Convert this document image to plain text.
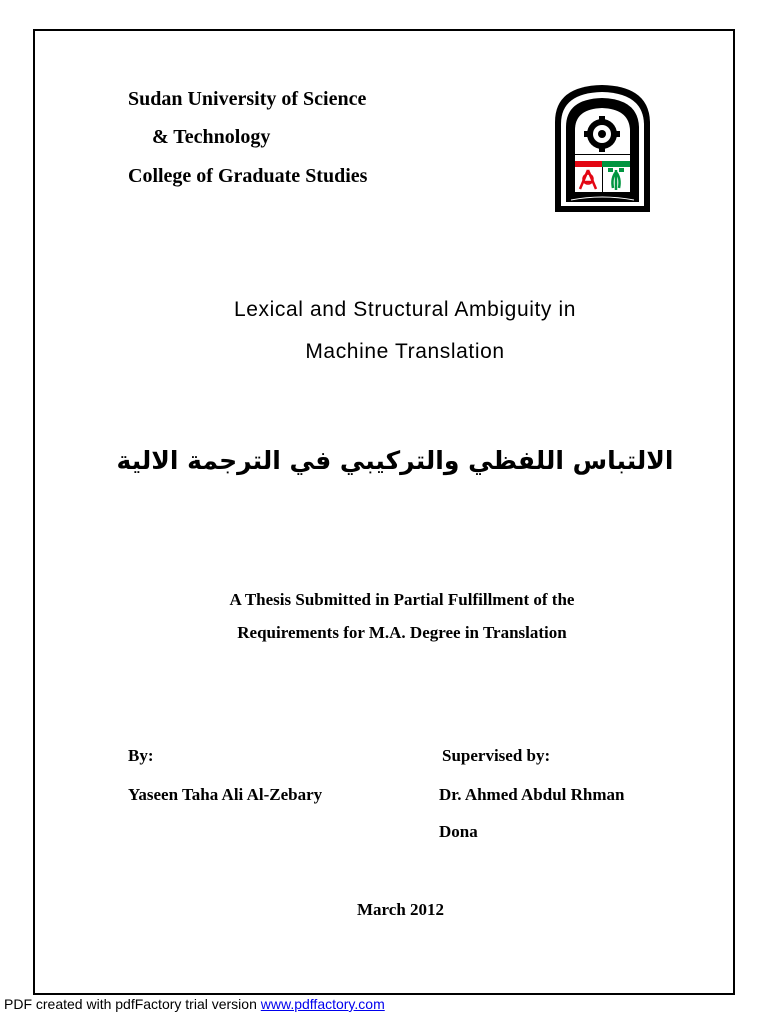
Sudan University of Science
& Technology
College of Graduate Studies
Lexical and Structural Ambiguity in
Machine Translation
الالتباس اللفظي والتركيبي في الترجمة الالية
A Thesis Submitted in Partial Fulfillment of the
Requirements for M.A. Degree in Translation
By:	Supervised by:
Yaseen Taha Ali Al-Zebary	Dr. Ahmed Abdul Rhman
Dona
March 2012
PDF created with pdfFactory trial version www.pdffactory.com
